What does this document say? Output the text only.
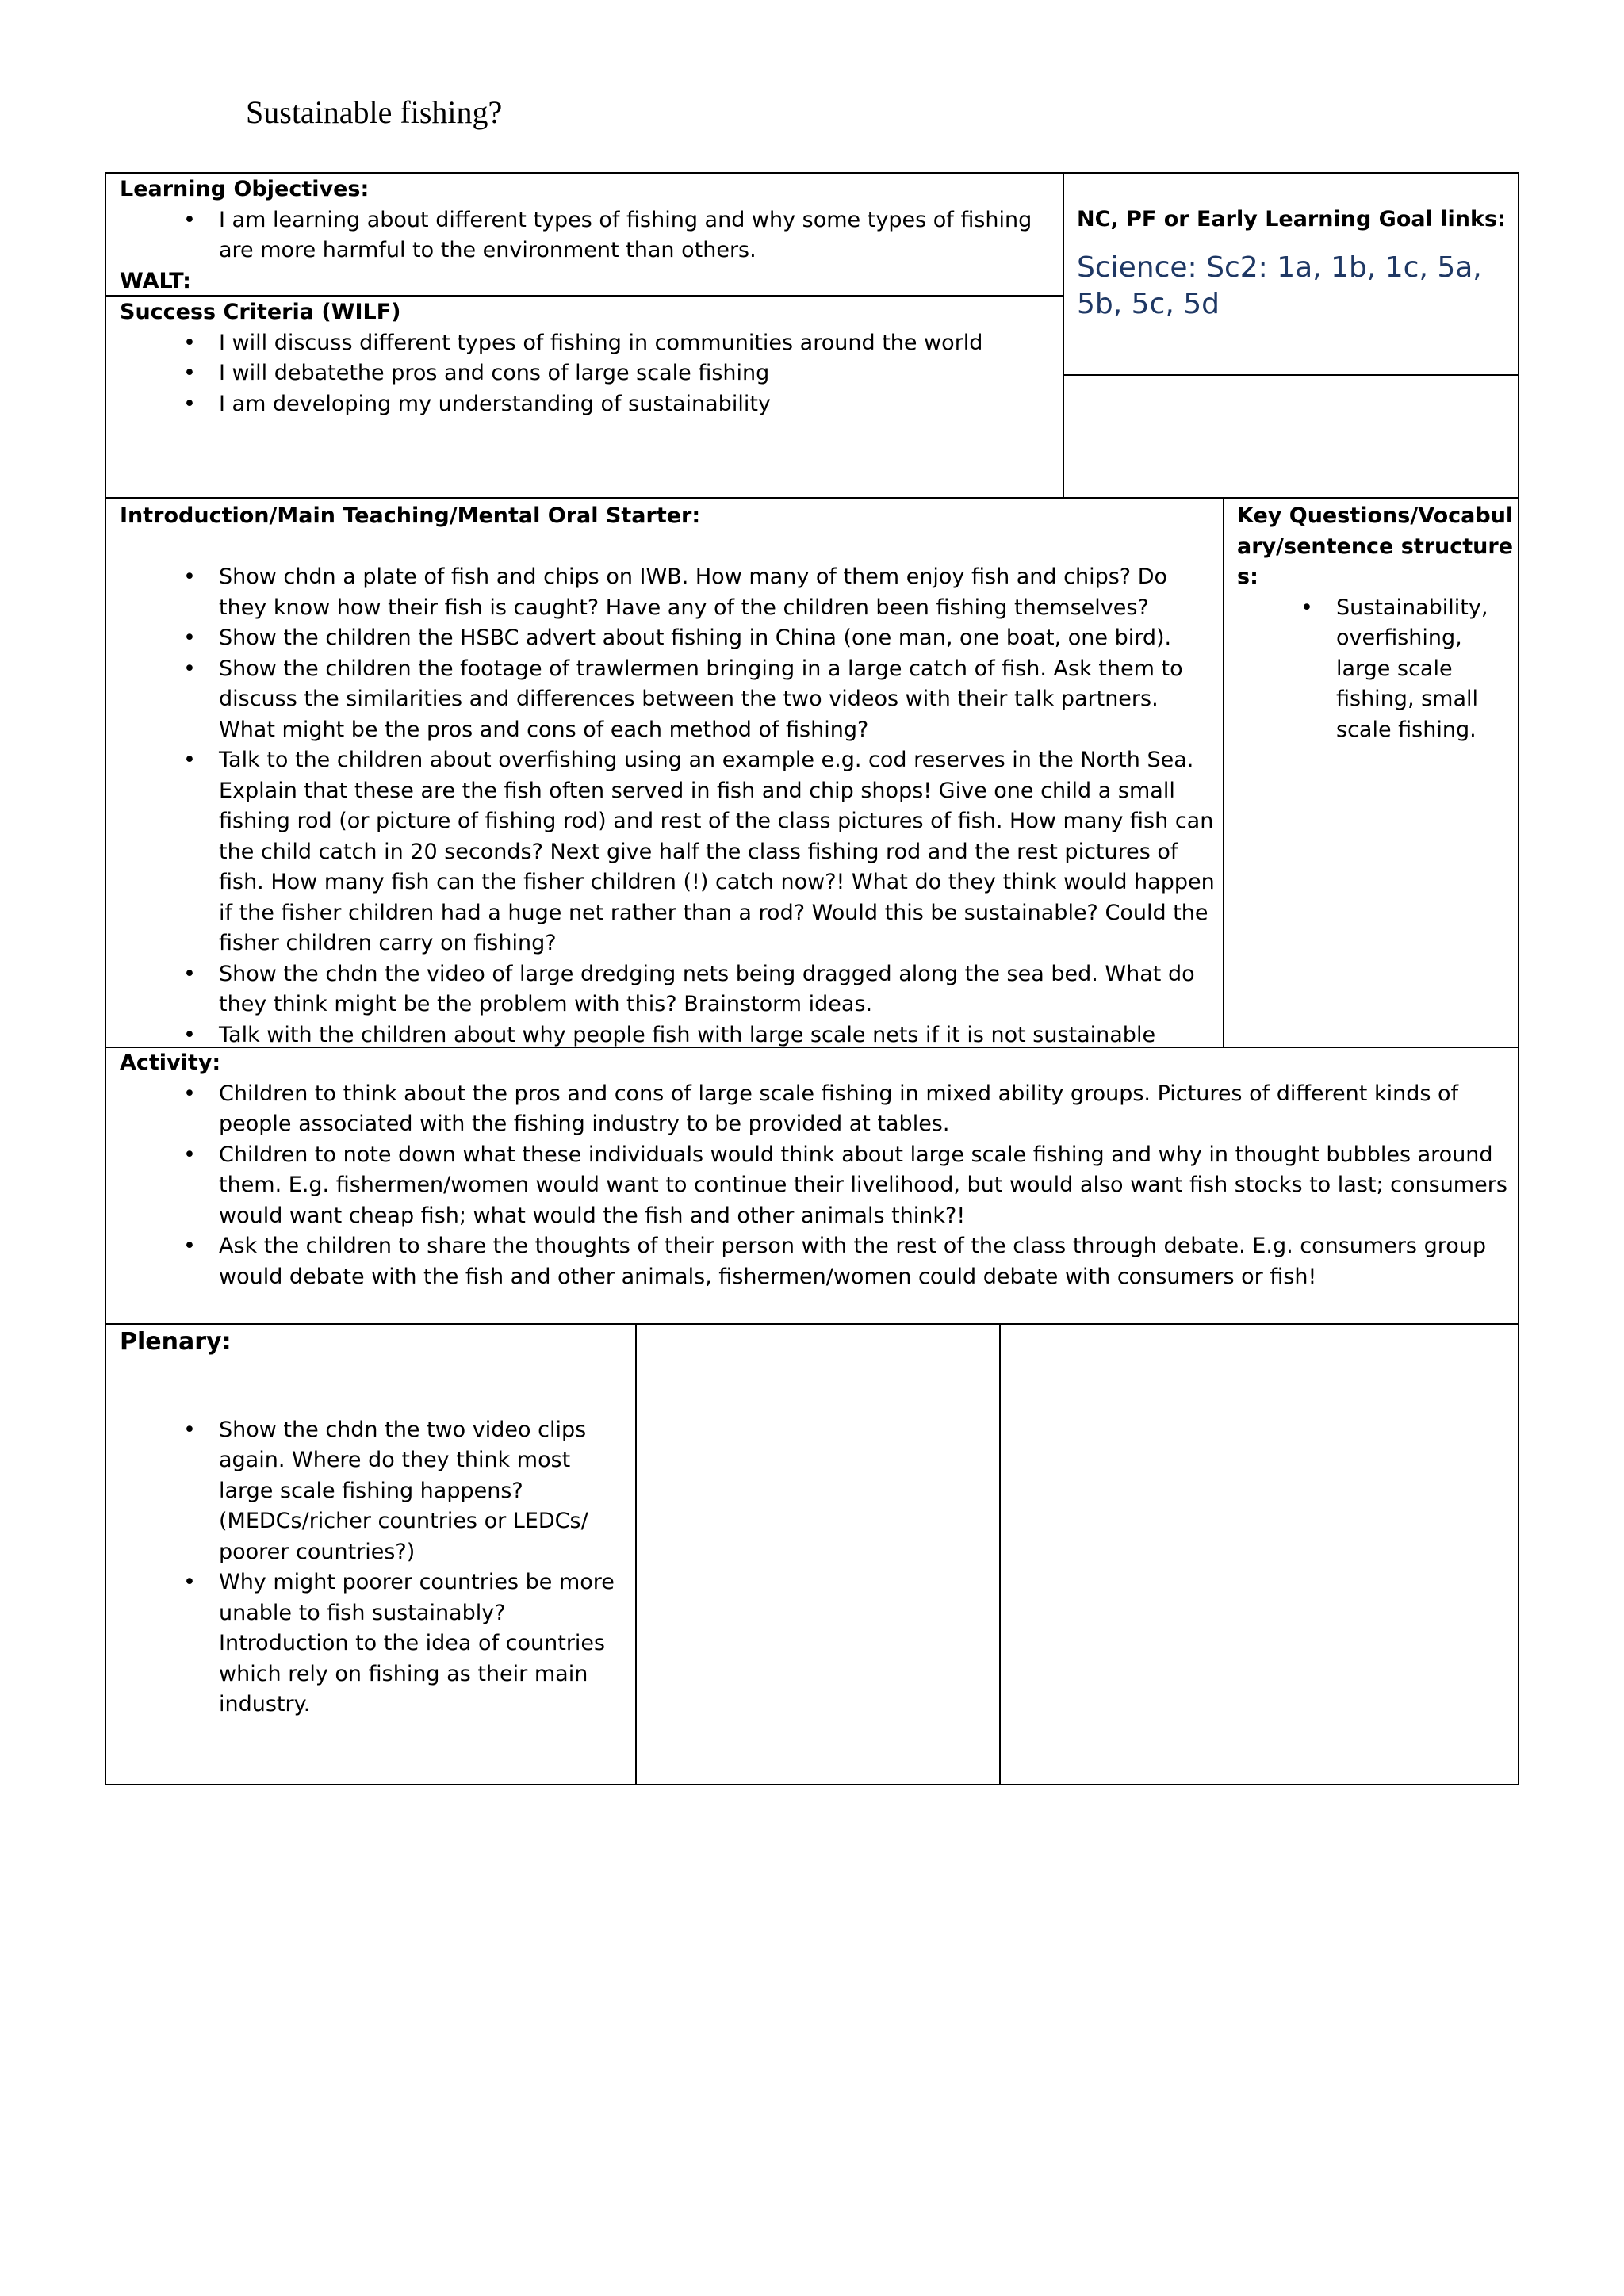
Sustainable fishing?
Learning Objectives:
• I am learning about different types of fishing and why some types of fishing are more harmful to the environment than others.
WALT:
Success Criteria (WILF)
• I will discuss different types of fishing in communities around the world
• I will debatethe pros and cons of large scale fishing
• I am developing my understanding of sustainability
NC, PF or Early Learning Goal links:
Science: Sc2: 1a, 1b, 1c, 5a, 5b, 5c, 5d
Introduction/Main Teaching/Mental Oral Starter:
• Show chdn a plate of fish and chips on IWB. How many of them enjoy fish and chips? Do they know how their fish is caught? Have any of the children been fishing themselves?
• Show the children the HSBC advert about fishing in China (one man, one boat, one bird).
• Show the children the footage of trawlermen bringing in a large catch of fish. Ask them to discuss the similarities and differences between the two videos with their talk partners. What might be the pros and cons of each method of fishing?
• Talk to the children about overfishing using an example e.g. cod reserves in the North Sea. Explain that these are the fish often served in fish and chip shops! Give one child a small fishing rod (or picture of fishing rod) and rest of the class pictures of fish. How many fish can the child catch in 20 seconds? Next give half the class fishing rod and the rest pictures of fish. How many fish can the fisher children (!) catch now?! What do they think would happen if the fisher children had a huge net rather than a rod? Would this be sustainable? Could the fisher children carry on fishing?
• Show the chdn the video of large dredging nets being dragged along the sea bed. What do they think might be the problem with this? Brainstorm ideas.
• Talk with the children about why people fish with large scale nets if it is not sustainable
Key Questions/Vocabulary/sentence structures:
• Sustainability, overfishing, large scale fishing, small scale fishing.
Activity:
• Children to think about the pros and cons of large scale fishing in mixed ability groups. Pictures of different kinds of people associated with the fishing industry to be provided at tables.
• Children to note down what these individuals would think about large scale fishing and why in thought bubbles around them. E.g. fishermen/women would want to continue their livelihood, but would also want fish stocks to last; consumers would want cheap fish; what would the fish and other animals think?!
• Ask the children to share the thoughts of their person with the rest of the class through debate. E.g. consumers group would debate with the fish and other animals, fishermen/women could debate with consumers or fish!
Plenary:
• Show the chdn the two video clips again. Where do they think most large scale fishing happens? (MEDCs/richer countries or LEDCs/ poorer countries?)
• Why might poorer countries be more unable to fish sustainably? Introduction to the idea of countries which rely on fishing as their main industry.
